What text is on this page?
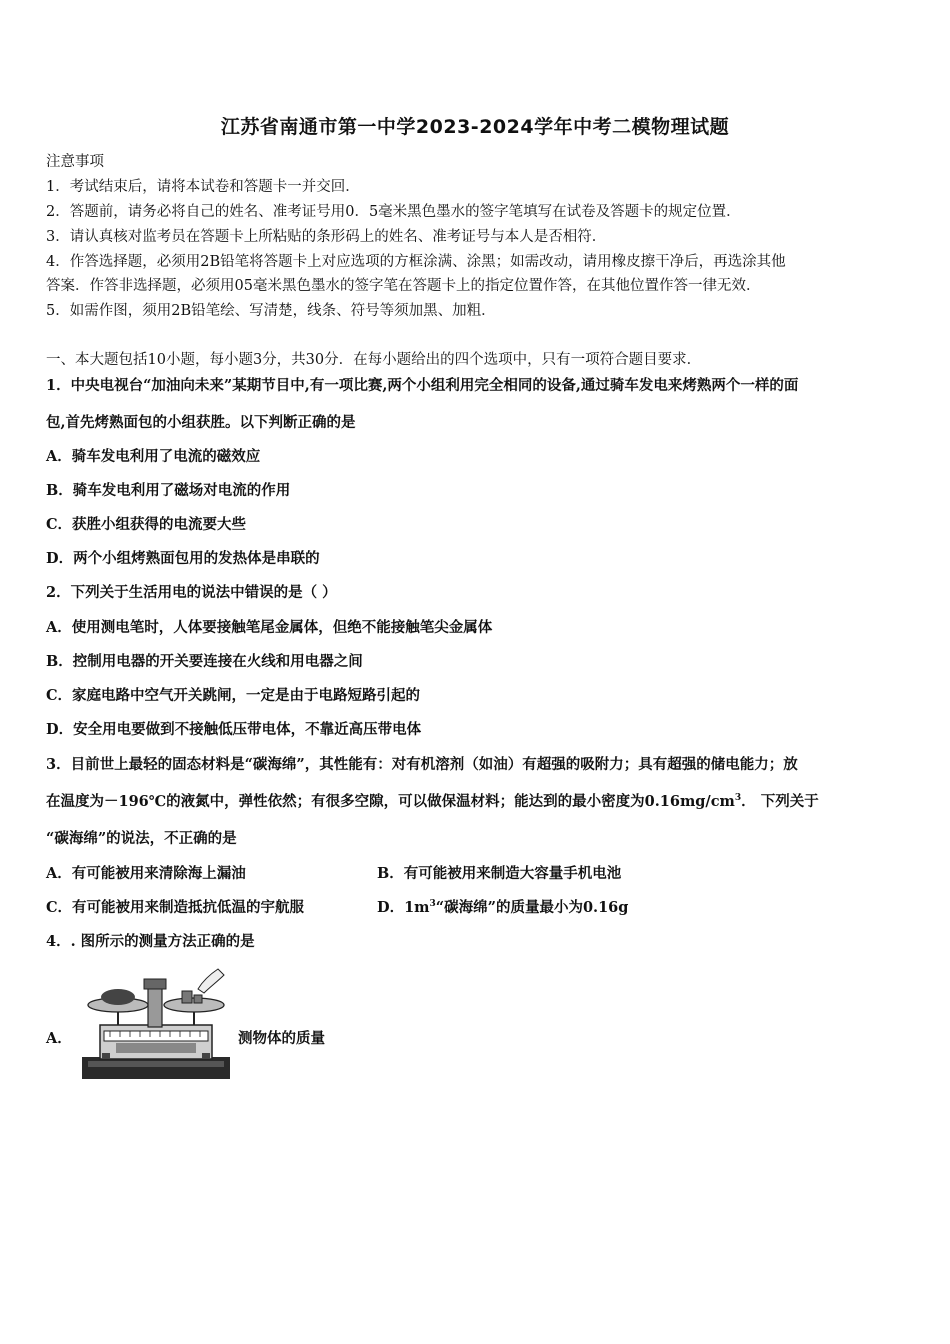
江苏省南通市第一中学2023-2024学年中考二模物理试题
注意事项
1．考试结束后，请将本试卷和答题卡一并交回．
2．答题前，请务必将自己的姓名、准考证号用0．5毫米黑色墨水的签字笔填写在试卷及答题卡的规定位置．
3．请认真核对监考员在答题卡上所粘贴的条形码上的姓名、准考证号与本人是否相符．
4．作答选择题，必须用2B铅笔将答题卡上对应选项的方框涂满、涂黑；如需改动，请用橡皮擦干净后，再选涂其他
答案．作答非选择题，必须用05毫米黑色墨水的签字笔在答题卡上的指定位置作答，在其他位置作答一律无效．
5．如需作图，须用2B铅笔绘、写清楚，线条、符号等须加黑、加粗．
一、本大题包括10小题，每小题3分，共30分．在每小题给出的四个选项中，只有一项符合题目要求．
1．中央电视台“加油向未来”某期节目中,有一项比赛,两个小组利用完全相同的设备,通过骑车发电来烤熟两个一样的面
包,首先烤熟面包的小组获胜。以下判断正确的是
A．骑车发电利用了电流的磁效应
B．骑车发电利用了磁场对电流的作用
C．获胜小组获得的电流要大些
D．两个小组烤熟面包用的发热体是串联的
2．下列关于生活用电的说法中错误的是（ ）
A．使用测电笔时，人体要接触笔尾金属体，但绝不能接触笔尖金属体
B．控制用电器的开关要连接在火线和用电器之间
C．家庭电路中空气开关跳闸，一定是由于电路短路引起的
D．安全用电要做到不接触低压带电体，不靠近高压带电体
3．目前世上最轻的固态材料是“碳海绵”，其性能有：对有机溶剂（如油）有超强的吸附力；具有超强的储电能力；放
在温度为－196℃的液氮中，弹性依然；有很多空隙，可以做保温材料；能达到的最小密度为$0.16mg/cm^3$． 下列关于
“碳海绵”的说法，不正确的是
A．有可能被用来清除海上漏油	B．有可能被用来制造大容量手机电池
C．有可能被用来制造抵抗低温的宇航服	D．$1m^3“$碳海绵”的质量最小为0.16g
4．. 图所示的测量方法正确的是
A．	测物体的质量
